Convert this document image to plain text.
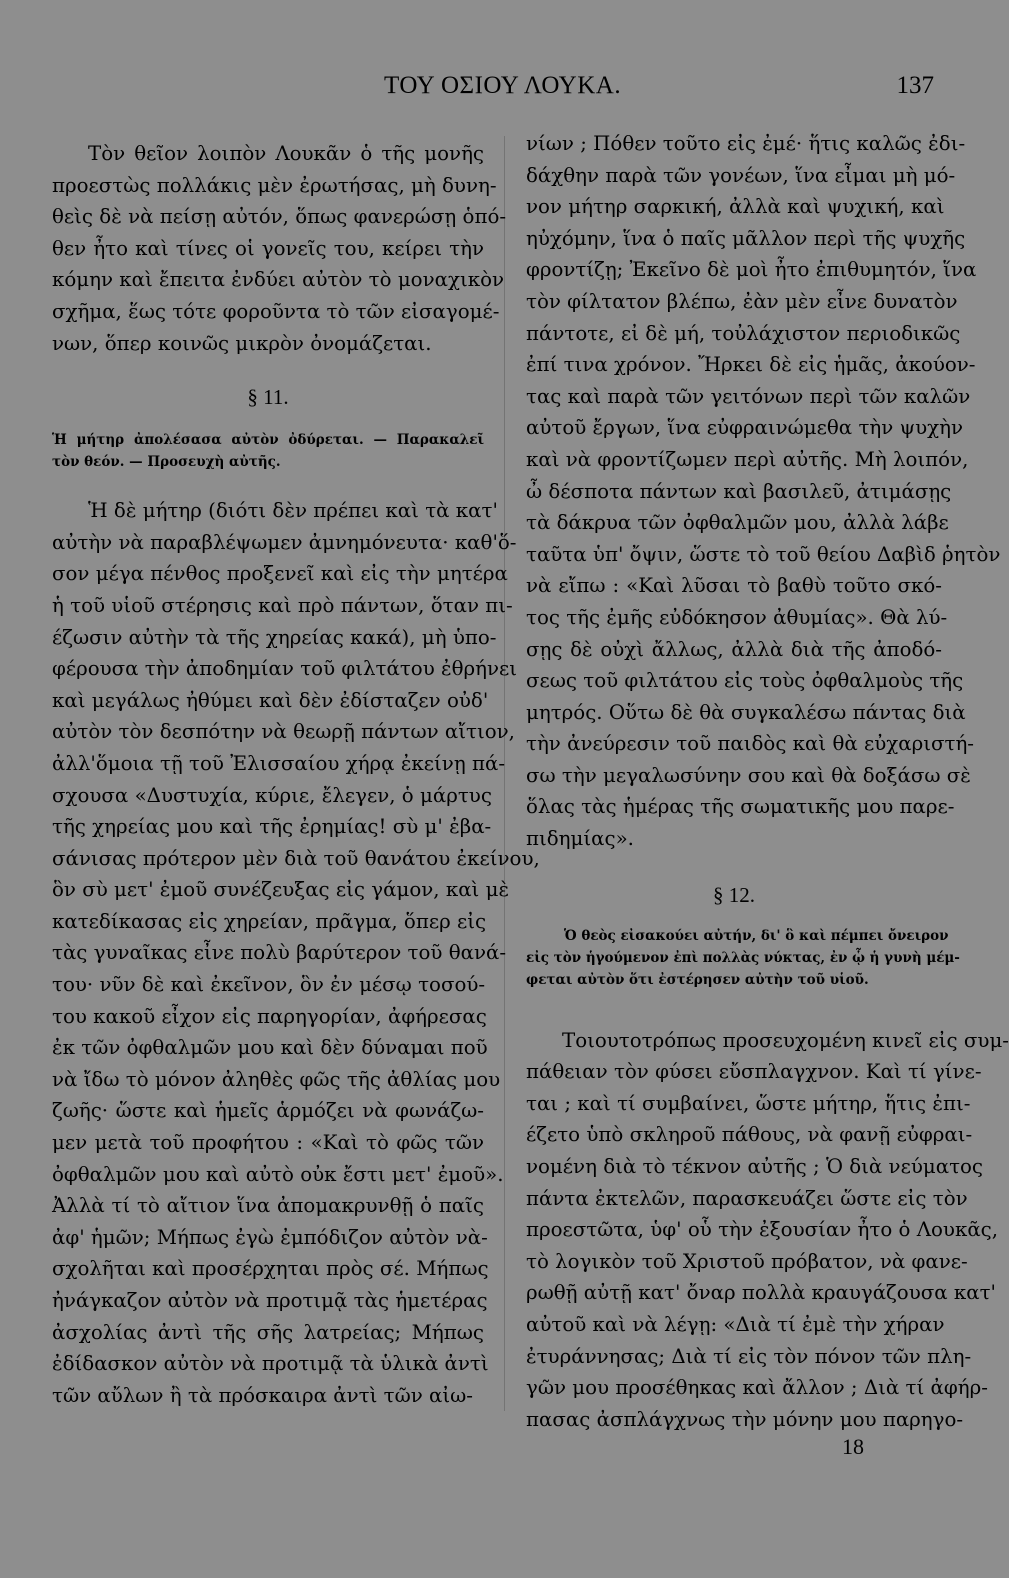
ΤΟΥ ΟΣΙΟΥ ΛΟΥΚΑ.	137
Τὸν θεῖον λοιπὸν Λουκᾶν ὁ τῆς μονῆς
προεστὼς πολλάκις μὲν ἐρωτήσας, μὴ δυνη-
θεὶς δὲ νὰ πείσῃ αὐτόν, ὅπως φανερώσῃ ὁπό-
θεν ἦτο καὶ τίνες οἱ γονεῖς του, κείρει τὴν
κόμην καὶ ἔπειτα ἐνδύει αὐτὸν τὸ μοναχικὸν
σχῆμα, ἕως τότε φοροῦντα τὸ τῶν εἰσαγομέ-
νων, ὅπερ κοινῶς μικρὸν ὀνομάζεται.
§ 11.
Ἡ μήτηρ ἀπολέσασα αὐτὸν ὀδύρεται. — Παρακαλεῖ
τὸν θεόν. — Προσευχὴ αὐτῆς.
Ἡ δὲ μήτηρ (διότι δὲν πρέπει καὶ τὰ κατ'
αὐτὴν νὰ παραβλέψωμεν ἀμνημόνευτα· καθ'ὅ-
σον μέγα πένθος προξενεῖ καὶ εἰς τὴν μητέρα
ἡ τοῦ υἱοῦ στέρησις καὶ πρὸ πάντων, ὅταν πι-
έζωσιν αὐτὴν τὰ τῆς χηρείας κακά), μὴ ὑπο-
φέρουσα τὴν ἀποδημίαν τοῦ φιλτάτου ἐθρήνει
καὶ μεγάλως ἠθύμει καὶ δὲν ἐδίσταζεν οὐδ'
αὐτὸν τὸν δεσπότην νὰ θεωρῇ πάντων αἴτιον,
ἀλλ'ὅμοια τῇ τοῦ Ἐλισσαίου χήρᾳ ἐκείνῃ πά-
σχουσα «Δυστυχία, κύριε, ἔλεγεν, ὁ μάρτυς
τῆς χηρείας μου καὶ τῆς ἐρημίας! σὺ μ' ἐβα-
σάνισας πρότερον μὲν διὰ τοῦ θανάτου ἐκείνου,
ὃν σὺ μετ' ἐμοῦ συνέζευξας εἰς γάμον, καὶ μὲ
κατεδίκασας εἰς χηρείαν, πρᾶγμα, ὅπερ εἰς
τὰς γυναῖκας εἶνε πολὺ βαρύτερον τοῦ θανά-
του· νῦν δὲ καὶ ἐκεῖνον, ὃν ἐν μέσῳ τοσού-
του κακοῦ εἶχον εἰς παρηγορίαν, ἀφήρεσας
ἐκ τῶν ὀφθαλμῶν μου καὶ δὲν δύναμαι ποῦ
νὰ ἴδω τὸ μόνον ἀληθὲς φῶς τῆς ἀθλίας μου
ζωῆς· ὥστε καὶ ἡμεῖς ἁρμόζει νὰ φωνάζω-
μεν μετὰ τοῦ προφήτου : «Καὶ τὸ φῶς τῶν
ὀφθαλμῶν μου καὶ αὐτὸ οὐκ ἔστι μετ' ἐμοῦ».
Ἀλλὰ τί τὸ αἴτιον ἵνα ἀπομακρυνθῇ ὁ παῖς
ἀφ' ἡμῶν; Μήπως ἐγὼ ἐμπόδιζον αὐτὸν νὰ-
σχολῆται καὶ προσέρχηται πρὸς σέ. Μήπως
ἠνάγκαζον αὐτὸν νὰ προτιμᾷ τὰς ἡμετέρας
ἀσχολίας ἀντὶ τῆς σῆς λατρείας; Μήπως
ἐδίδασκον αὐτὸν νὰ προτιμᾷ τὰ ὑλικὰ ἀντὶ
τῶν αὔλων ἢ τὰ πρόσκαιρα ἀντὶ τῶν αἰω-
νίων ; Πόθεν τοῦτο εἰς ἐμέ· ἥτις καλῶς ἐδι-
δάχθην παρὰ τῶν γονέων, ἵνα εἶμαι μὴ μό-
νον μήτηρ σαρκική, ἀλλὰ καὶ ψυχική, καὶ
ηὐχόμην, ἵνα ὁ παῖς μᾶλλον περὶ τῆς ψυχῆς
φροντίζῃ; Ἐκεῖνο δὲ μοὶ ἦτο ἐπιθυμητόν, ἵνα
τὸν φίλτατον βλέπω, ἐὰν μὲν εἶνε δυνατὸν
πάντοτε, εἰ δὲ μή, τοὐλάχιστον περιοδικῶς
ἐπί τινα χρόνον. Ἤρκει δὲ εἰς ἡμᾶς, ἀκούον-
τας καὶ παρὰ τῶν γειτόνων περὶ τῶν καλῶν
αὐτοῦ ἔργων, ἵνα εὐφραινώμεθα τὴν ψυχὴν
καὶ νὰ φροντίζωμεν περὶ αὐτῆς. Μὴ λοιπόν,
ὦ δέσποτα πάντων καὶ βασιλεῦ, ἀτιμάσῃς
τὰ δάκρυα τῶν ὀφθαλμῶν μου, ἀλλὰ λάβε
ταῦτα ὑπ' ὄψιν, ὥστε τὸ τοῦ θείου Δαβὶδ ῥητὸν
νὰ εἴπω : «Καὶ λῦσαι τὸ βαθὺ τοῦτο σκό-
τος τῆς ἐμῆς εὐδόκησον ἀθυμίας». Θὰ λύ-
σῃς δὲ οὐχὶ ἄλλως, ἀλλὰ διὰ τῆς ἀποδό-
σεως τοῦ φιλτάτου εἰς τοὺς ὀφθαλμοὺς τῆς
μητρός. Οὕτω δὲ θὰ συγκαλέσω πάντας διὰ
τὴν ἀνεύρεσιν τοῦ παιδὸς καὶ θὰ εὐχαριστή-
σω τὴν μεγαλωσύνην σου καὶ θὰ δοξάσω σὲ
ὅλας τὰς ἡμέρας τῆς σωματικῆς μου παρε-
πιδημίας».
§ 12.
Ὁ θεὸς εἰσακούει αὐτήν, δι' ὃ καὶ πέμπει ὄνειρον
εἰς τὸν ἡγούμενον ἐπὶ πολλὰς νύκτας, ἐν ᾧ ἡ γυνὴ μέμ-
φεται αὐτὸν ὅτι ἐστέρησεν αὐτὴν τοῦ υἱοῦ.
Τοιουτοτρόπως προσευχομένη κινεῖ εἰς συμ-
πάθειαν τὸν φύσει εὔσπλαγχνον. Καὶ τί γίνε-
ται ; καὶ τί συμβαίνει, ὥστε μήτηρ, ἥτις ἐπι-
έζετο ὑπὸ σκληροῦ πάθους, νὰ φανῇ εὐφραι-
νομένη διὰ τὸ τέκνον αὐτῆς ; Ὁ διὰ νεύματος
πάντα ἐκτελῶν, παρασκευάζει ὥστε εἰς τὸν
προεστῶτα, ὑφ' οὗ τὴν ἐξουσίαν ἦτο ὁ Λουκᾶς,
τὸ λογικὸν τοῦ Χριστοῦ πρόβατον, νὰ φανε-
ρωθῇ αὐτῇ κατ' ὄναρ πολλὰ κραυγάζουσα κατ'
αὐτοῦ καὶ νὰ λέγῃ: «Διὰ τί ἐμὲ τὴν χήραν
ἐτυράννησας; Διὰ τί εἰς τὸν πόνον τῶν πλη-
γῶν μου προσέθηκας καὶ ἄλλον ; Διὰ τί ἀφήρ-
πασας ἀσπλάγχνως τὴν μόνην μου παρηγο-
18
